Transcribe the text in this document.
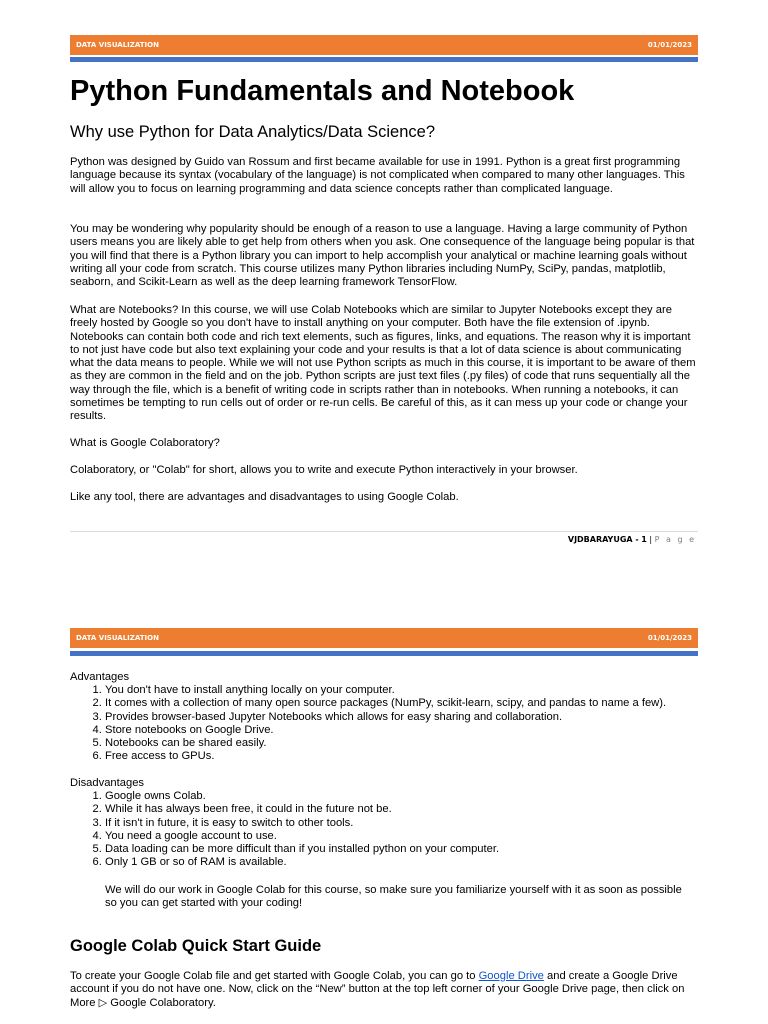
DATA VISUALIZATION	01/01/2023
Python Fundamentals and Notebook
Why use Python for Data Analytics/Data Science?

Python was designed by Guido van Rossum and first became available for use in 1991. Python is a great first programming language because its syntax (vocabulary of the language) is not complicated when compared to many other languages. This will allow you to focus on learning programming and data science concepts rather than complicated language.

You may be wondering why popularity should be enough of a reason to use a language. Having a large community of Python users means you are likely able to get help from others when you ask. One consequence of the language being popular is that you will find that there is a Python library you can import to help accomplish your analytical or machine learning goals without writing all your code from scratch. This course utilizes many Python libraries including NumPy, SciPy, pandas, matplotlib, seaborn, and Scikit-Learn as well as the deep learning framework TensorFlow.

What are Notebooks? In this course, we will use Colab Notebooks which are similar to Jupyter Notebooks except they are freely hosted by Google so you don't have to install anything on your computer. Both have the file extension of .ipynb. Notebooks can contain both code and rich text elements, such as figures, links, and equations. The reason why it is important to not just have code but also text explaining your code and your results is that a lot of data science is about communicating what the data means to people. While we will not use Python scripts as much in this course, it is important to be aware of them as they are common in the field and on the job. Python scripts are just text files (.py files) of code that runs sequentially all the way through the file, which is a benefit of writing code in scripts rather than in notebooks. When running a notebooks, it can sometimes be tempting to run cells out of order or re-run cells. Be careful of this, as it can mess up your code or change your results.

What is Google Colaboratory?

Colaboratory, or "Colab" for short, allows you to write and execute Python interactively in your browser.

Like any tool, there are advantages and disadvantages to using Google Colab.

VJDBARAYUGA - 1 | P a g e
DATA VISUALIZATION	01/01/2023

Advantages

1. You don't have to install anything locally on your computer.
2. It comes with a collection of many open source packages (NumPy, scikit-learn, scipy, and pandas to name a few).
3. Provides browser-based Jupyter Notebooks which allows for easy sharing and collaboration.
4. Store notebooks on Google Drive.
5. Notebooks can be shared easily.
6. Free access to GPUs.

Disadvantages

1. Google owns Colab.
2. While it has always been free, it could in the future not be.
3. If it isn't in future, it is easy to switch to other tools.
4. You need a google account to use.
5. Data loading can be more difficult than if you installed python on your computer.
6. Only 1 GB or so of RAM is available.

We will do our work in Google Colab for this course, so make sure you familiarize yourself with it as soon as possible so you can get started with your coding!

Google Colab Quick Start Guide

To create your Google Colab file and get started with Google Colab, you can go to Google Drive and create a Google Drive account if you do not have one. Now, click on the “New” button at the top left corner of your Google Drive page, then click on More ▷ Google Colaboratory.
